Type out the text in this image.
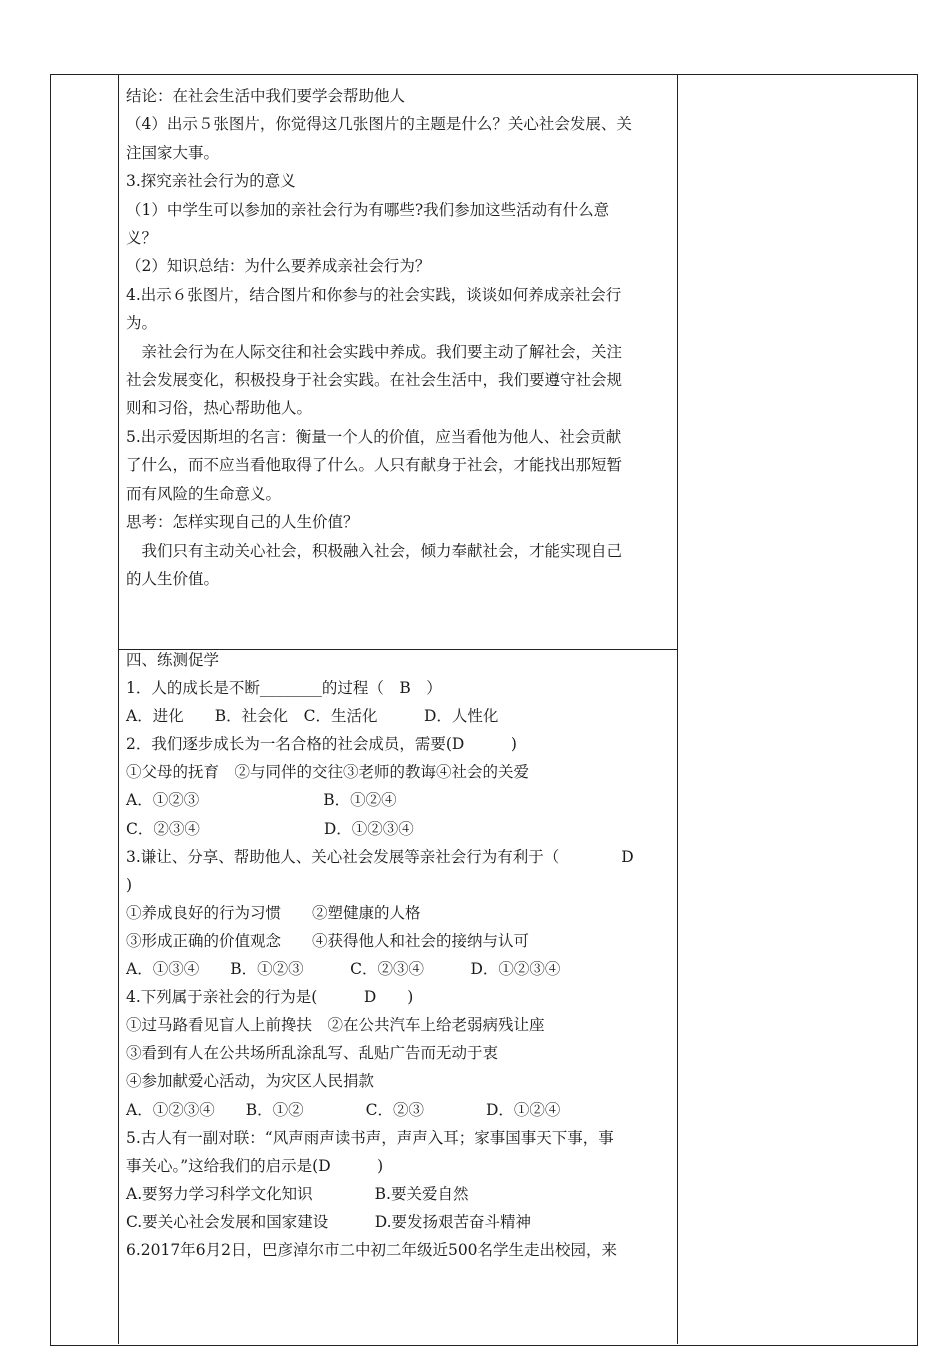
结论：在社会生活中我们要学会帮助他人

（4）出示５张图片，你觉得这几张图片的主题是什么？关心社会发展、关

注国家大事。

3.探究亲社会行为的意义

（1）中学生可以参加的亲社会行为有哪些?我们参加这些活动有什么意

义？

（2）知识总结：为什么要养成亲社会行为？

4.出示６张图片，结合图片和你参与的社会实践，谈谈如何养成亲社会行

为。

　亲社会行为在人际交往和社会实践中养成。我们要主动了解社会，关注

社会发展变化，积极投身于社会实践。在社会生活中，我们要遵守社会规

则和习俗，热心帮助他人。

5.出示爱因斯坦的名言：衡量一个人的价值，应当看他为他人、社会贡献

了什么，而不应当看他取得了什么。人只有献身于社会，才能找出那短暂

而有风险的生命意义。

思考：怎样实现自己的人生价值？

　我们只有主动关心社会，积极融入社会，倾力奉献社会，才能实现自己

的人生价值。

四、练测促学

1．人的成长是不断________的过程（　B　）

A．进化　　B．社会化　C．生活化　　　D．人性化

2．我们逐步成长为一名合格的社会成员，需要(D　　　)

①父母的抚育　②与同伴的交往③老师的教诲④社会的关爱

A．①②③　　　　　　　　B．①②④

C．②③④　　　　　　　　D．①②③④

3.谦让、分享、帮助他人、关心社会发展等亲社会行为有利于（　　　　D

)

①养成良好的行为习惯　　②塑健康的人格

③形成正确的价值观念　　④获得他人和社会的接纳与认可

A．①③④　　B．①②③　　　C．②③④　　　D．①②③④

4.下列属于亲社会的行为是(　　　D　　)

①过马路看见盲人上前搀扶　②在公共汽车上给老弱病残让座

③看到有人在公共场所乱涂乱写、乱贴广告而无动于衷

④参加献爱心活动，为灾区人民捐款

A．①②③④　　B．①②　　　　C．②③　　　　D．①②④

5.古人有一副对联：“风声雨声读书声，声声入耳；家事国事天下事，事

事关心。”这给我们的启示是(D　　　)

A.要努力学习科学文化知识　　　　B.要关爱自然

C.要关心社会发展和国家建设　　　D.要发扬艰苦奋斗精神

6.2017年6月2日，巴彦淖尔市二中初二年级近500名学生走出校园，来
